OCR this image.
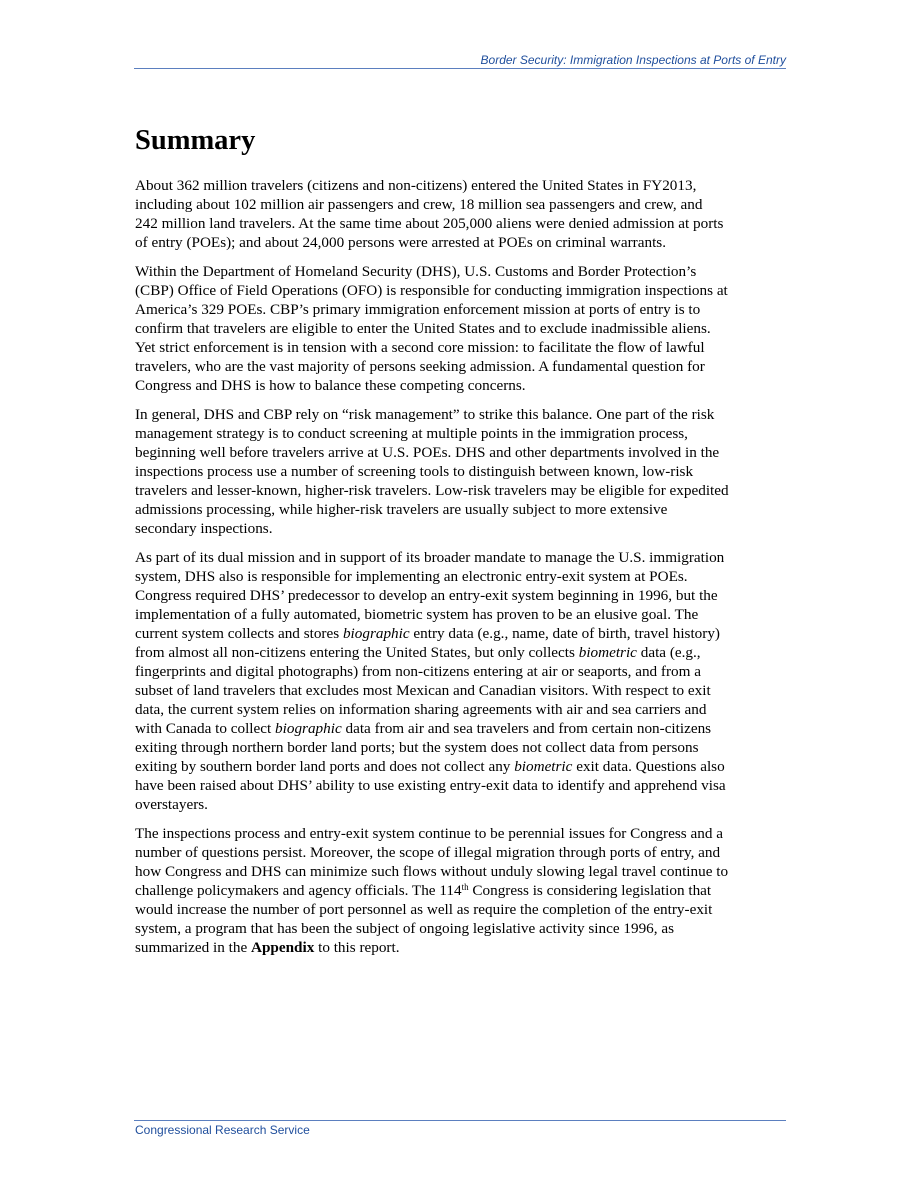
Border Security: Immigration Inspections at Ports of Entry
Summary

About 362 million travelers (citizens and non-citizens) entered the United States in FY2013,
including about 102 million air passengers and crew, 18 million sea passengers and crew, and
242 million land travelers. At the same time about 205,000 aliens were denied admission at ports
of entry (POEs); and about 24,000 persons were arrested at POEs on criminal warrants.

Within the Department of Homeland Security (DHS), U.S. Customs and Border Protection’s
(CBP) Office of Field Operations (OFO) is responsible for conducting immigration inspections at
America’s 329 POEs. CBP’s primary immigration enforcement mission at ports of entry is to
confirm that travelers are eligible to enter the United States and to exclude inadmissible aliens.
Yet strict enforcement is in tension with a second core mission: to facilitate the flow of lawful
travelers, who are the vast majority of persons seeking admission. A fundamental question for
Congress and DHS is how to balance these competing concerns.

In general, DHS and CBP rely on “risk management” to strike this balance. One part of the risk
management strategy is to conduct screening at multiple points in the immigration process,
beginning well before travelers arrive at U.S. POEs. DHS and other departments involved in the
inspections process use a number of screening tools to distinguish between known, low-risk
travelers and lesser-known, higher-risk travelers. Low-risk travelers may be eligible for expedited
admissions processing, while higher-risk travelers are usually subject to more extensive
secondary inspections.

As part of its dual mission and in support of its broader mandate to manage the U.S. immigration
system, DHS also is responsible for implementing an electronic entry-exit system at POEs.
Congress required DHS’ predecessor to develop an entry-exit system beginning in 1996, but the
implementation of a fully automated, biometric system has proven to be an elusive goal. The
current system collects and stores biographic entry data (e.g., name, date of birth, travel history)
from almost all non-citizens entering the United States, but only collects biometric data (e.g.,
fingerprints and digital photographs) from non-citizens entering at air or seaports, and from a
subset of land travelers that excludes most Mexican and Canadian visitors. With respect to exit
data, the current system relies on information sharing agreements with air and sea carriers and
with Canada to collect biographic data from air and sea travelers and from certain non-citizens
exiting through northern border land ports; but the system does not collect data from persons
exiting by southern border land ports and does not collect any biometric exit data. Questions also
have been raised about DHS’ ability to use existing entry-exit data to identify and apprehend visa
overstayers.

The inspections process and entry-exit system continue to be perennial issues for Congress and a
number of questions persist. Moreover, the scope of illegal migration through ports of entry, and
how Congress and DHS can minimize such flows without unduly slowing legal travel continue to
challenge policymakers and agency officials. The 114th Congress is considering legislation that
would increase the number of port personnel as well as require the completion of the entry-exit
system, a program that has been the subject of ongoing legislative activity since 1996, as
summarized in the Appendix to this report.

Congressional Research Service
